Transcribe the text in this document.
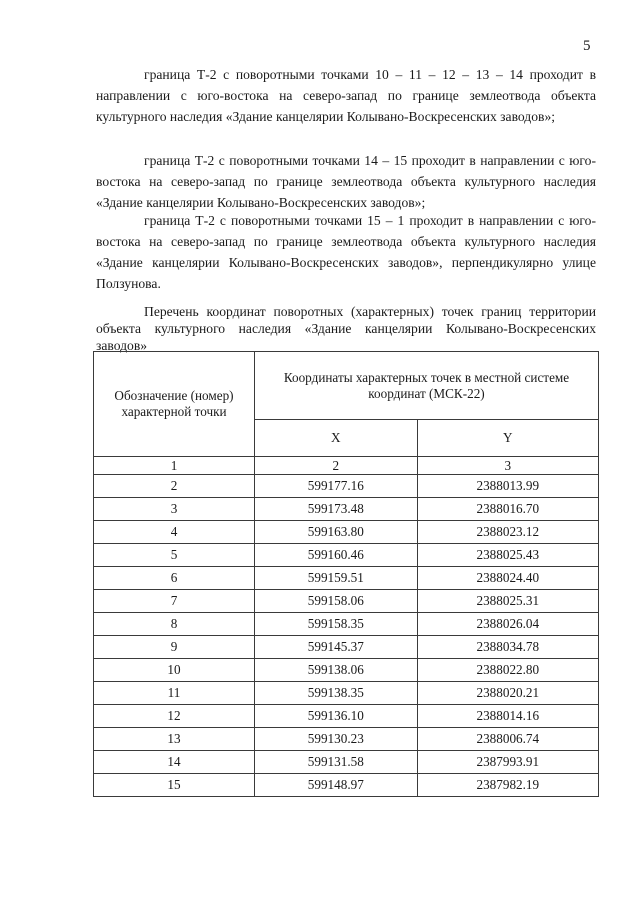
5

граница Т-2 с поворотными точками 10 – 11 – 12 – 13 – 14 проходит в направлении с юго-востока на северо-запад по границе землеотвода объекта культурного наследия «Здание канцелярии Колывано-Воскресенских заводов»;

граница Т-2 с поворотными точками 14 – 15 проходит в направлении с юго-востока на северо-запад по границе землеотвода объекта культурного наследия «Здание канцелярии Колывано-Воскресенских заводов»;

граница Т-2 с поворотными точками 15 – 1 проходит в направлении с юго-востока на северо-запад по границе землеотвода объекта культурного наследия «Здание канцелярии Колывано-Воскресенских заводов», перпендикулярно улице Ползунова.

Перечень координат поворотных (характерных) точек границ территории объекта культурного наследия «Здание канцелярии Колывано-Воскресенских заводов»

Обозначение (номер) характерной точки	Координаты характерных точек в местной системе координат (МСК-22)	
	X	Y
1	2	3
2	599177.16	2388013.99
3	599173.48	2388016.70
4	599163.80	2388023.12
5	599160.46	2388025.43
6	599159.51	2388024.40
7	599158.06	2388025.31
8	599158.35	2388026.04
9	599145.37	2388034.78
10	599138.06	2388022.80
11	599138.35	2388020.21
12	599136.10	2388014.16
13	599130.23	2388006.74
14	599131.58	2387993.91
15	599148.97	2387982.19
